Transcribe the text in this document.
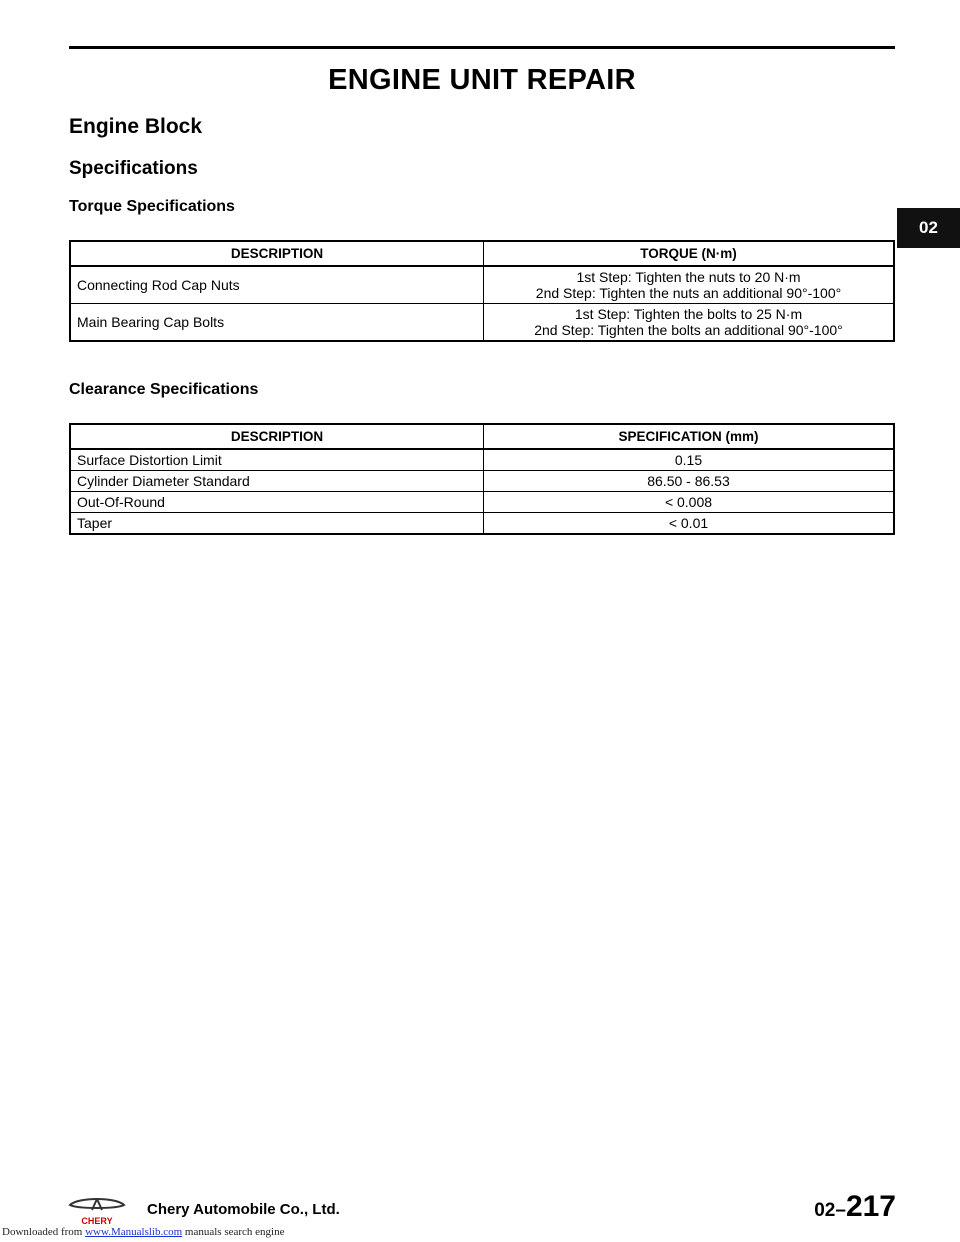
ENGINE UNIT REPAIR
Engine Block
Specifications
02
Torque Specifications
DESCRIPTION	TORQUE (N·m)
Connecting Rod Cap Nuts	1st Step: Tighten the nuts to 20 N·m
2nd Step: Tighten the nuts an additional 90°-100°

Main Bearing Cap Bolts	1st Step: Tighten the bolts to 25 N·m
2nd Step: Tighten the bolts an additional 90°-100°
Clearance Specifications
DESCRIPTION	SPECIFICATION (mm)
Surface Distortion Limit	0.15
Cylinder Diameter Standard	86.50 - 86.53
Out-Of-Round	< 0.008
Taper	< 0.01
CHERY
Chery Automobile Co., Ltd.	02–217
Downloaded from www.Manualslib.com manuals search engine
